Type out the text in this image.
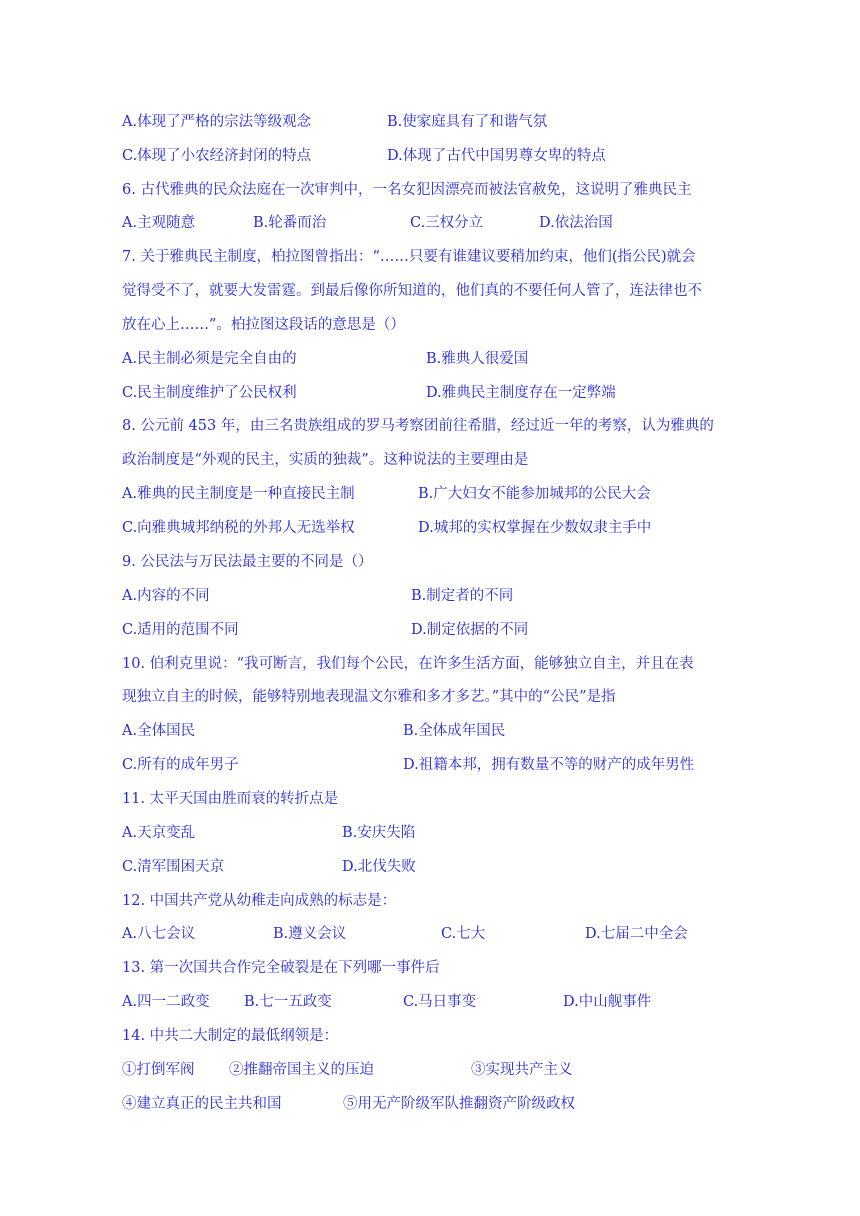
A.体现了严格的宗法等级观念	B.使家庭具有了和谐气氛
C.体现了小农经济封闭的特点	D.体现了古代中国男尊女卑的特点
6. 古代雅典的民众法庭在一次审判中，一名女犯因漂亮而被法官赦免，这说明了雅典民主
A.主观随意	B.轮番而治	C.三权分立	D.依法治国
7. 关于雅典民主制度，柏拉图曾指出：“……只要有谁建议要稍加约束，他们(指公民)就会
觉得受不了，就要大发雷霆。到最后像你所知道的，他们真的不要任何人管了，连法律也不
放在心上……”。柏拉图这段话的意思是（）
A.民主制必须是完全自由的	B.雅典人很爱国
C.民主制度维护了公民权利	D.雅典民主制度存在一定弊端
8. 公元前 453 年，由三名贵族组成的罗马考察团前往希腊，经过近一年的考察，认为雅典的
政治制度是“外观的民主，实质的独裁”。这种说法的主要理由是
A.雅典的民主制度是一种直接民主制	B.广大妇女不能参加城邦的公民大会
C.向雅典城邦纳税的外邦人无选举权	D.城邦的实权掌握在少数奴隶主手中
9. 公民法与万民法最主要的不同是（）
A.内容的不同	B.制定者的不同
C.适用的范围不同	D.制定依据的不同
10. 伯利克里说：“我可断言，我们每个公民，在许多生活方面，能够独立自主，并且在表
现独立自主的时候，能够特别地表现温文尔雅和多才多艺。”其中的“公民”是指
A.全体国民	B.全体成年国民
C.所有的成年男子	D.祖籍本邦，拥有数量不等的财产的成年男性
11. 太平天国由胜而衰的转折点是
A.天京变乱	B.安庆失陷
C.清军围困天京	D.北伐失败
12. 中国共产党从幼稚走向成熟的标志是：
A.八七会议	B.遵义会议	C.七大	D.七届二中全会
13. 第一次国共合作完全破裂是在下列哪一事件后
A.四一二政变 B.七一五政变	C.马日事变	D.中山舰事件
14. 中共二大制定的最低纲领是：
①打倒军阀 ②推翻帝国主义的压迫	③实现共产主义
④建立真正的民主共和国	⑤用无产阶级军队推翻资产阶级政权
